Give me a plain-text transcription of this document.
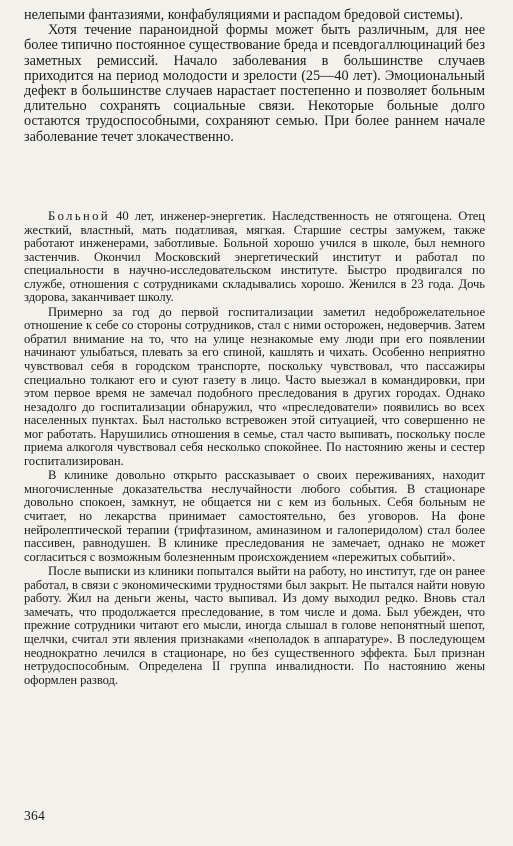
нелепыми фантазиями, конфабуляциями и распадом бредовой системы).

Хотя течение параноидной формы может быть различным, для нее более типично постоянное существование бреда и псевдогаллюцинаций без заметных ремиссий. Начало заболевания в большинстве случаев приходится на период молодости и зрелости (25—40 лет). Эмоциональный дефект в большинстве случаев нарастает постепенно и позволяет больным длительно сохранять социальные связи. Некоторые больные долго остаются трудоспособными, сохраняют семью. При более раннем начале заболевание течет злокачественно.

Больной 40 лет, инженер-энергетик. Наследственность не отягощена. Отец жесткий, властный, мать податливая, мягкая. Старшие сестры замужем, также работают инженерами, заботливые. Больной хорошо учился в школе, был немного застенчив. Окончил Московский энергетический институт и работал по специальности в научно-исследовательском институте. Быстро продвигался по службе, отношения с сотрудниками складывались хорошо. Женился в 23 года. Дочь здорова, заканчивает школу.

Примерно за год до первой госпитализации заметил недоброжелательное отношение к себе со стороны сотрудников, стал с ними осторожен, недоверчив. Затем обратил внимание на то, что на улице незнакомые ему люди при его появлении начинают улыбаться, плевать за его спиной, кашлять и чихать. Особенно неприятно чувствовал себя в городском транспорте, поскольку чувствовал, что пассажиры специально толкают его и суют газету в лицо. Часто выезжал в командировки, при этом первое время не замечал подобного преследования в других городах. Однако незадолго до госпитализации обнаружил, что «преследователи» появились во всех населенных пунктах. Был настолько встревожен этой ситуацией, что совершенно не мог работать. Нарушились отношения в семье, стал часто выпивать, поскольку после приема алкоголя чувствовал себя несколько спокойнее. По настоянию жены и сестер госпитализирован.

В клинике довольно открыто рассказывает о своих переживаниях, находит многочисленные доказательства неслучайности любого события. В стационаре довольно спокоен, замкнут, не общается ни с кем из больных. Себя больным не считает, но лекарства принимает самостоятельно, без уговоров. На фоне нейролептической терапии (трифтазином, аминазином и галоперидолом) стал более пассивен, равнодушен. В клинике преследования не замечает, однако не может согласиться с возможным болезненным происхождением «пережитых событий».

После выписки из клиники попытался выйти на работу, но институт, где он ранее работал, в связи с экономическими трудностями был закрыт. Не пытался найти новую работу. Жил на деньги жены, часто выпивал. Из дому выходил редко. Вновь стал замечать, что продолжается преследование, в том числе и дома. Был убежден, что прежние сотрудники читают его мысли, иногда слышал в голове непонятный шепот, щелчки, считал эти явления признаками «неполадок в аппаратуре». В последующем неоднократно лечился в стационаре, но без существенного эффекта. Был признан нетрудоспособным. Определена II группа инвалидности. По настоянию жены оформлен развод.

364
